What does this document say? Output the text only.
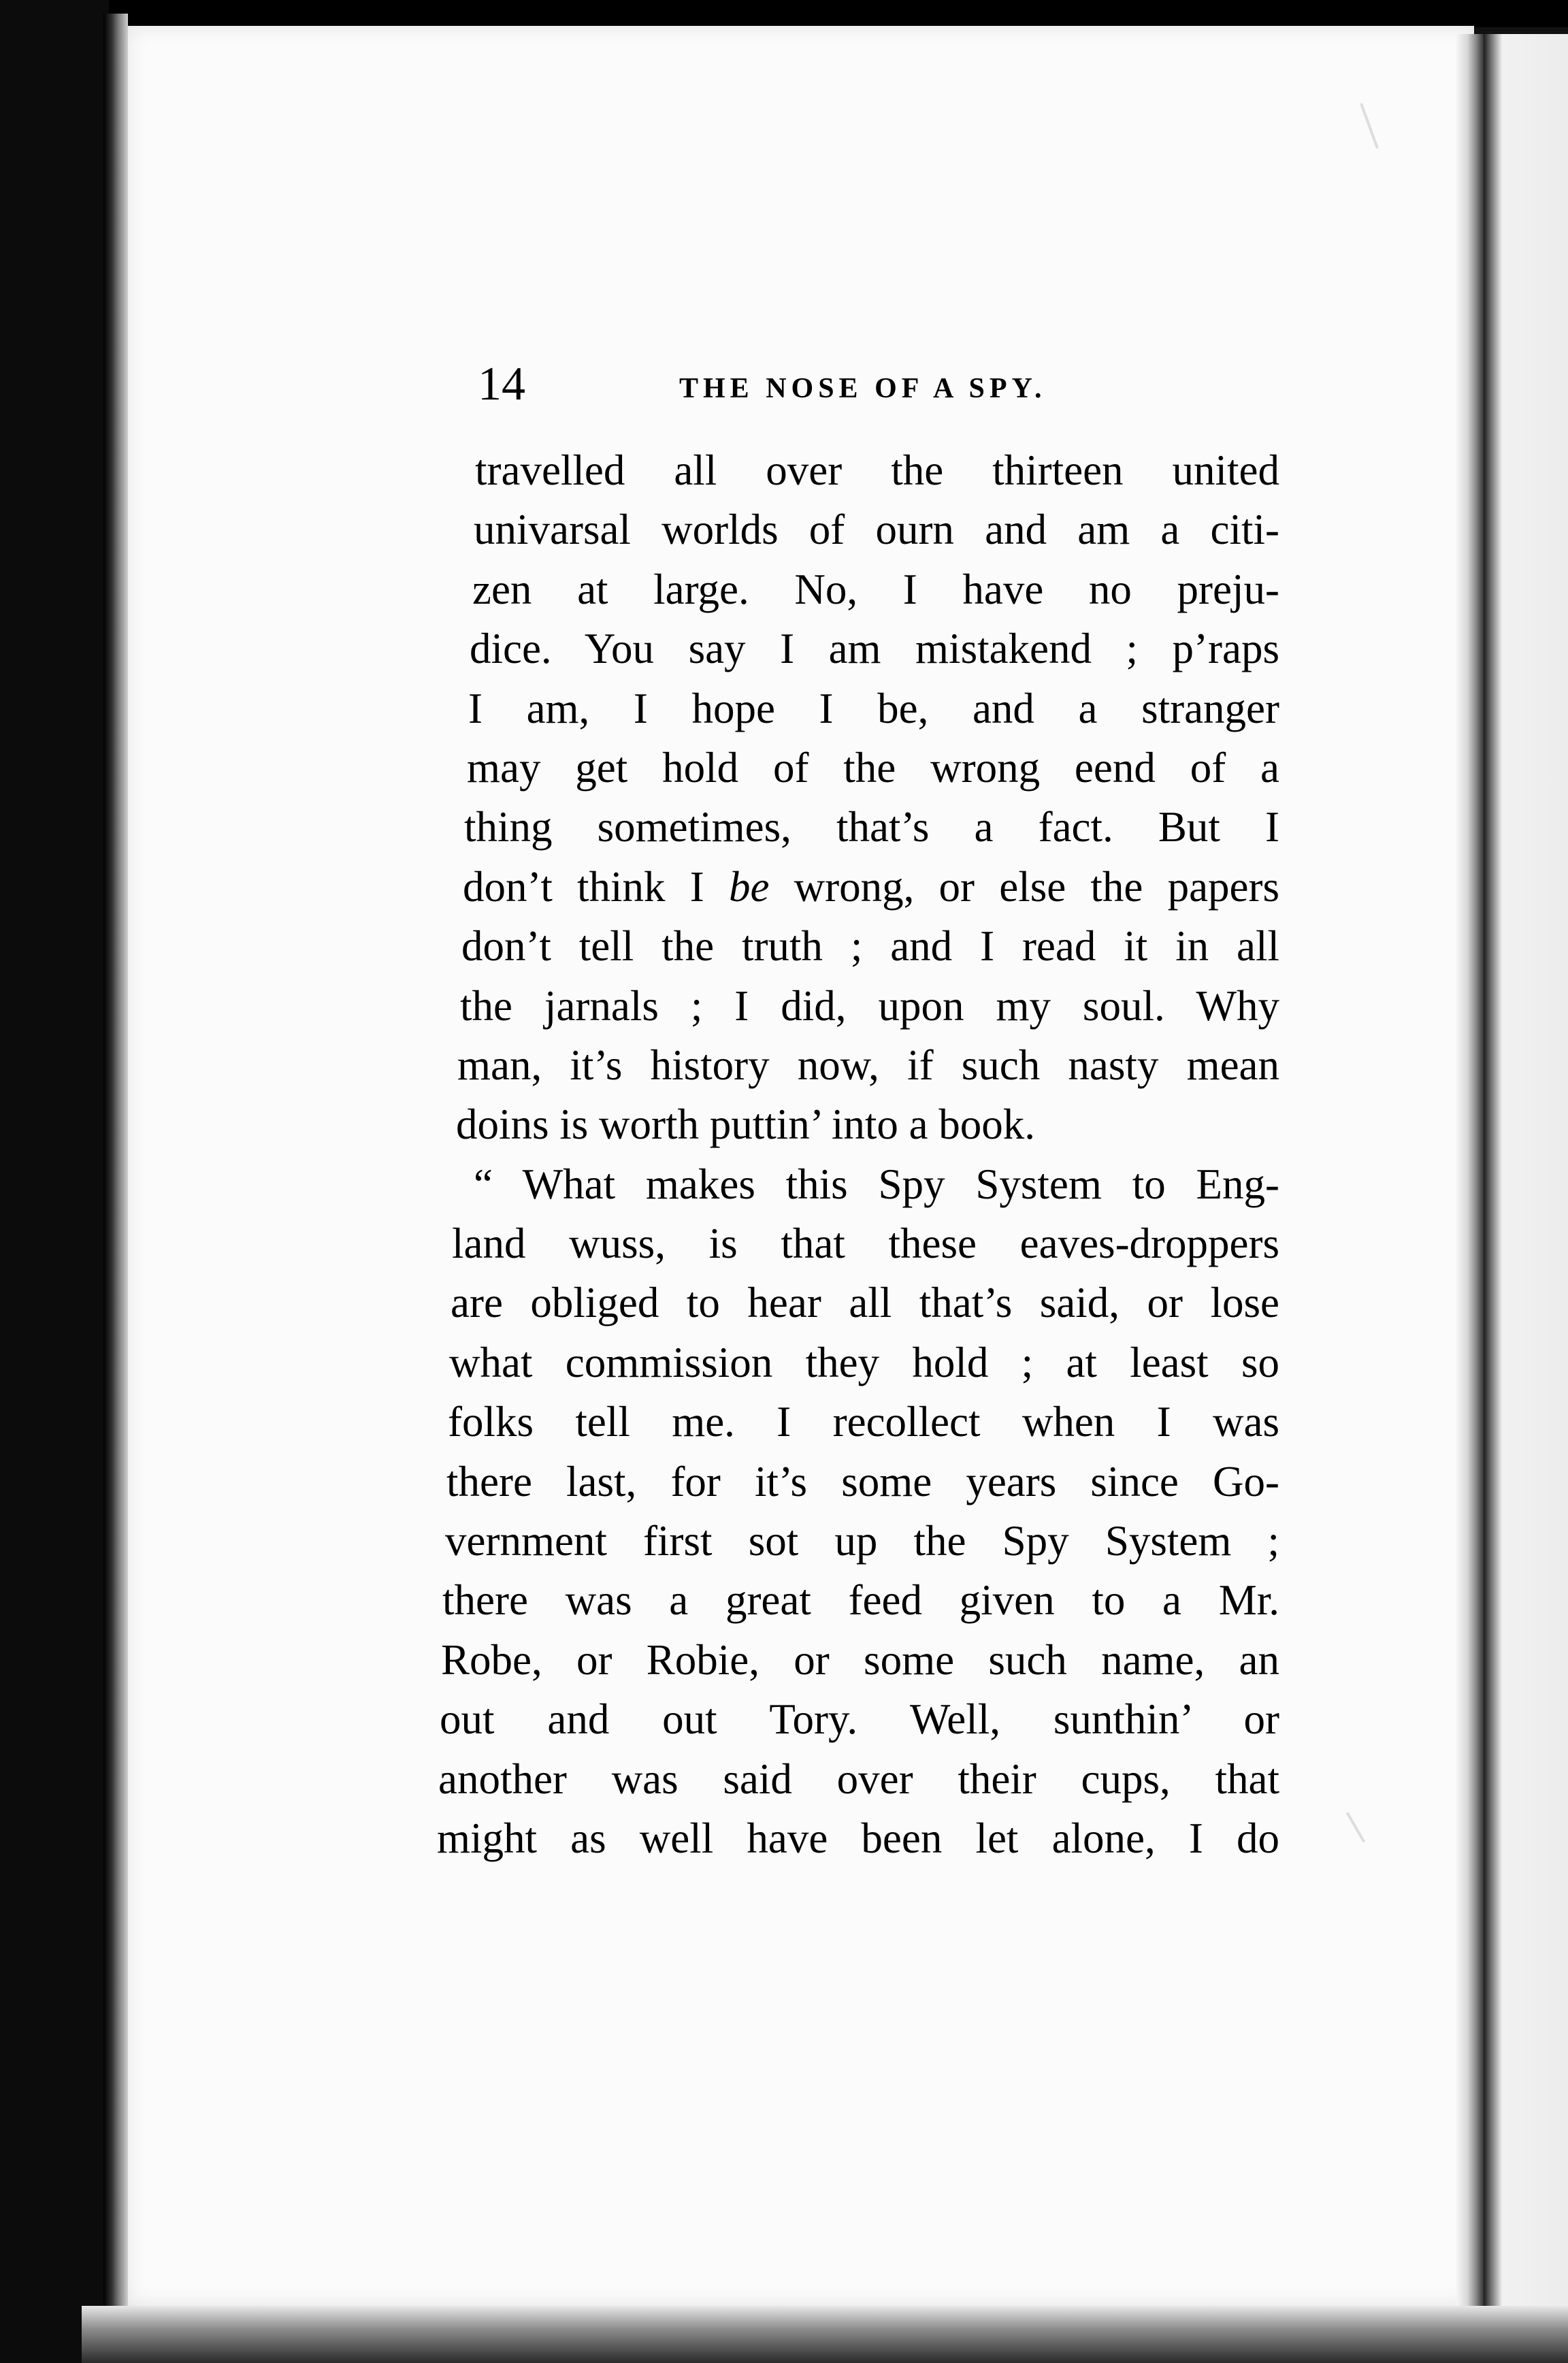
14	THE NOSE OF A SPY.
travelled all over the thirteen united
univarsal worlds of ourn and am a citi-
zen at large. No, I have no preju-
dice. You say I am mistakend ; p’raps
I am, I hope I be, and a stranger
may get hold of the wrong eend of a
thing sometimes, that’s a fact. But I
don’t think I be wrong, or else the papers
don’t tell the truth ; and I read it in all
the jarnals ; I did, upon my soul. Why
man, it’s history now, if such nasty mean
doins is worth puttin’ into a book.
“ What makes this Spy System to Eng-
land wuss, is that these eaves-droppers
are obliged to hear all that’s said, or lose
what commission they hold ; at least so
folks tell me. I recollect when I was
there last, for it’s some years since Go-
vernment first sot up the Spy System ;
there was a great feed given to a Mr.
Robe, or Robie, or some such name, an
out and out Tory. Well, sunthin’ or
another was said over their cups, that
might as well have been let alone, I do
